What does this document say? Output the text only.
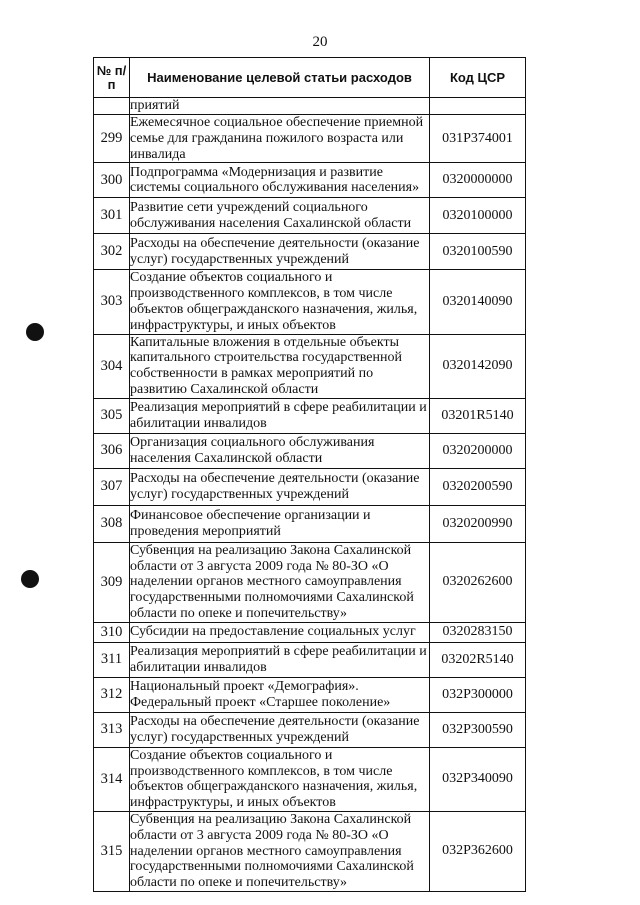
20
№ п/п	Наименование целевой статьи расходов	Код ЦСР
	приятий	
299	Ежемесячное социальное обеспечение приемной семье для гражданина пожилого возраста или инвалида	031P374001
300	Подпрограмма «Модернизация и развитие системы социального обслуживания населения»	0320000000
301	Развитие сети учреждений социального обслуживания населения Сахалинской области	0320100000
302	Расходы на обеспечение деятельности (оказание услуг) государственных учреждений	0320100590
303	Создание объектов социального и производственного комплексов, в том числе объектов общегражданского назначения, жилья, инфраструктуры, и иных объектов	0320140090
304	Капитальные вложения в отдельные объекты капитального строительства государственной собственности в рамках мероприятий по развитию Сахалинской области	0320142090
305	Реализация мероприятий в сфере реабилитации и абилитации инвалидов	03201R5140
306	Организация социального обслуживания населения Сахалинской области	0320200000
307	Расходы на обеспечение деятельности (оказание услуг) государственных учреждений	0320200590
308	Финансовое обеспечение организации и проведения мероприятий	0320200990
309	Субвенция на реализацию Закона Сахалинской области от 3 августа 2009 года № 80-ЗО «О наделении органов местного самоуправления государственными полномочиями Сахалинской области по опеке и попечительству»	0320262600
310	Субсидии на предоставление социальных услуг	0320283150
311	Реализация мероприятий в сфере реабилитации и абилитации инвалидов	03202R5140
312	Национальный проект «Демография». Федеральный проект «Старшее поколение»	032P300000
313	Расходы на обеспечение деятельности (оказание услуг) государственных учреждений	032P300590
314	Создание объектов социального и производственного комплексов, в том числе объектов общегражданского назначения, жилья, инфраструктуры, и иных объектов	032P340090
315	Субвенция на реализацию Закона Сахалинской области от 3 августа 2009 года № 80-ЗО «О наделении органов местного самоуправления государственными полномочиями Сахалинской области по опеке и попечительству»	032P362600
